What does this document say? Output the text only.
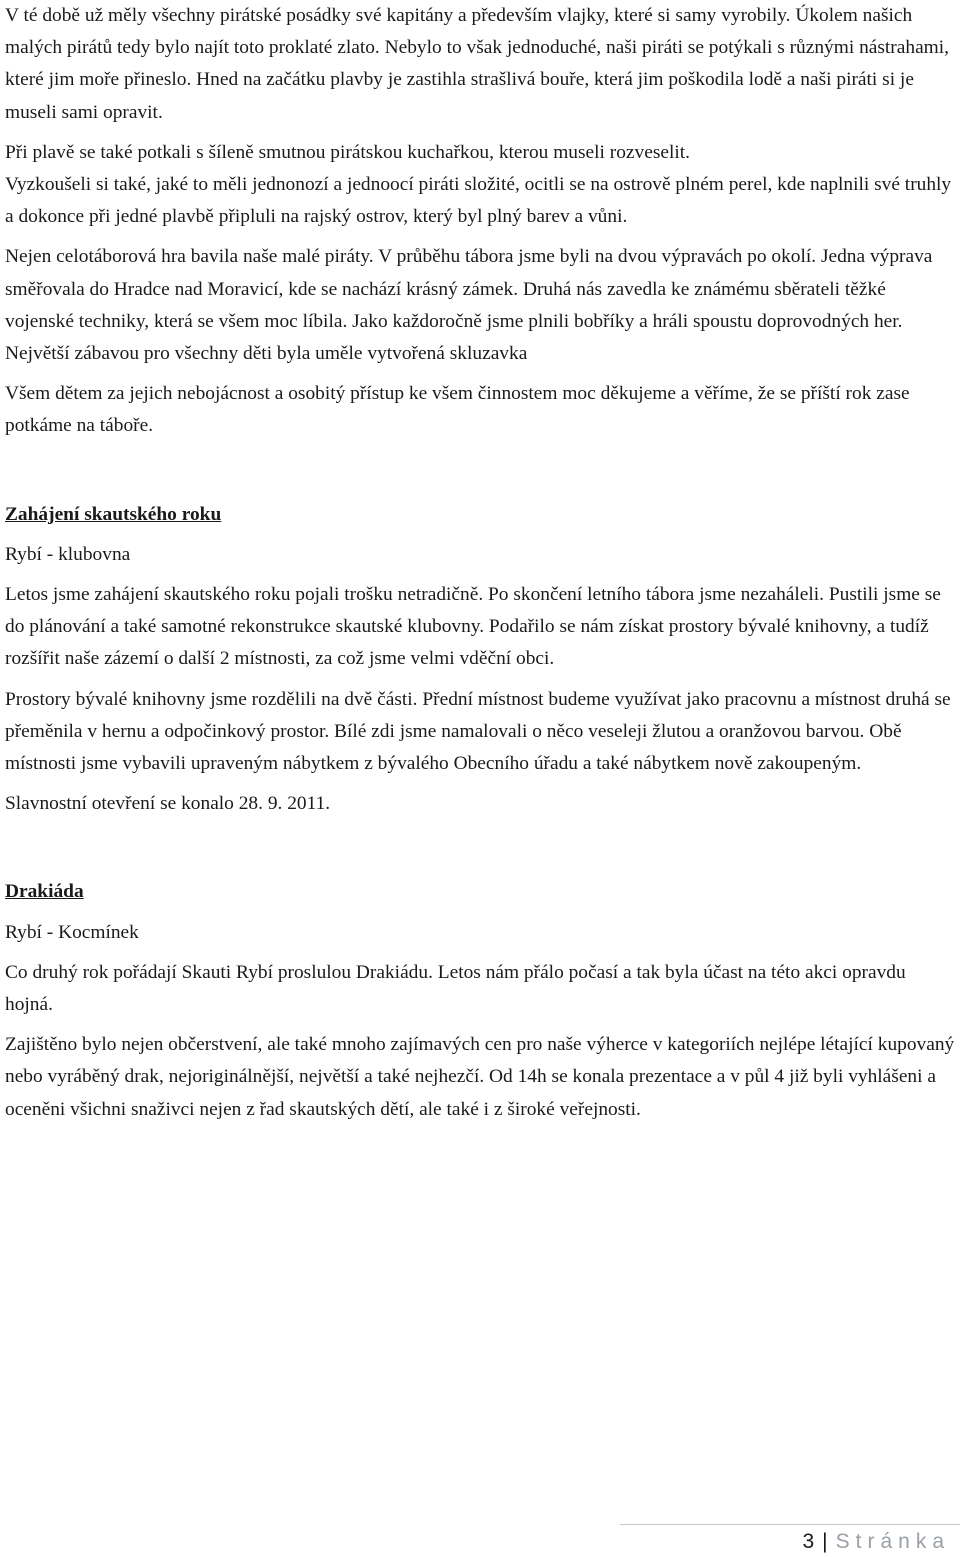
V té době už měly všechny pirátské posádky své kapitány a především vlajky, které si samy vyrobily. Úkolem našich malých pirátů tedy bylo najít toto proklaté zlato. Nebylo to však jednoduché, naši piráti se potýkali s různými nástrahami, které jim moře přineslo. Hned na začátku plavby je zastihla strašlivá bouře, která jim poškodila lodě a naši piráti si je museli sami opravit.

Při plavě se také potkali s šíleně smutnou pirátskou kuchařkou, kterou museli rozveselit.

Vyzkoušeli si také, jaké to měli jednonozí a jednoocí piráti složité, ocitli se na ostrově plném perel, kde naplnili své truhly a dokonce při jedné plavbě připluli na rajský ostrov, který byl plný barev a vůni.

Nejen celotáborová hra bavila naše malé piráty. V průběhu tábora jsme byli na dvou výpravách po okolí. Jedna výprava směřovala do Hradce nad Moravicí, kde se nachází krásný zámek. Druhá nás zavedla ke známému sběrateli těžké vojenské techniky, která se všem moc líbila. Jako každoročně jsme plnili bobříky a hráli spoustu doprovodných her. Největší zábavou pro všechny děti byla uměle vytvořená skluzavka

Všem dětem za jejich nebojácnost a osobitý přístup ke všem činnostem moc děkujeme a věříme, že se příští rok zase potkáme na táboře.

Zahájení skautského roku

Rybí - klubovna

Letos jsme zahájení skautského roku pojali trošku netradičně. Po skončení letního tábora jsme nezaháleli. Pustili jsme se do plánování a také samotné rekonstrukce skautské klubovny. Podařilo se nám získat prostory bývalé knihovny, a tudíž rozšířit naše zázemí o další 2 místnosti, za což jsme velmi vděční obci.

Prostory bývalé knihovny jsme rozdělili na dvě části. Přední místnost budeme využívat jako pracovnu a místnost druhá se přeměnila v hernu a odpočinkový prostor. Bílé zdi jsme namalovali o něco veseleji žlutou a oranžovou barvou. Obě místnosti jsme vybavili upraveným nábytkem z bývalého Obecního úřadu a také nábytkem nově zakoupeným.

Slavnostní otevření se konalo 28. 9. 2011.

Drakiáda

Rybí - Kocmínek

Co druhý rok pořádají Skauti Rybí proslulou Drakiádu. Letos nám přálo počasí a tak byla účast na této akci opravdu hojná.

Zajištěno bylo nejen občerstvení, ale také mnoho zajímavých cen pro naše výherce v kategoriích nejlépe létající kupovaný nebo vyráběný drak, nejoriginálnější, největší a také nejhezčí. Od 14h se konala prezentace a v půl 4 již byli vyhlášeni a oceněni všichni snaživci nejen z řad skautských dětí, ale také i z široké veřejnosti.

3 | Stránka
